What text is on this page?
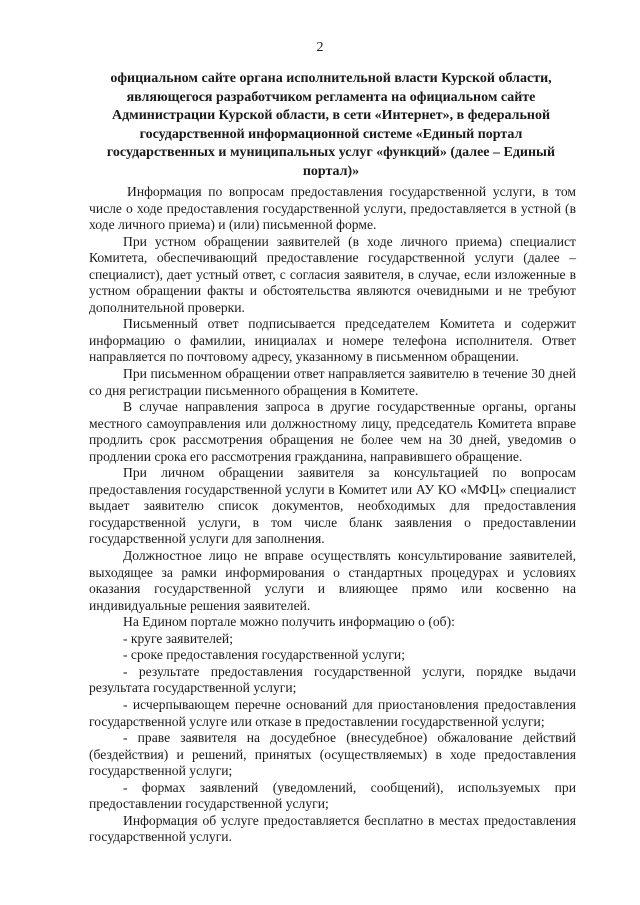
2
официальном сайте органа исполнительной власти Курской области, являющегося разработчиком регламента на официальном сайте Администрации Курской области, в сети «Интернет», в федеральной государственной информационной системе «Единый портал государственных и муниципальных услуг «функций» (далее – Единый портал)»

Информация по вопросам предоставления государственной услуги, в том числе о ходе предоставления государственной услуги, предоставляется в устной (в ходе личного приема) и (или) письменной форме.

При устном обращении заявителей (в ходе личного приема) специалист Комитета, обеспечивающий предоставление государственной услуги (далее – специалист), дает устный ответ, с согласия заявителя, в случае, если изложенные в устном обращении факты и обстоятельства являются очевидными и не требуют дополнительной проверки.

Письменный ответ подписывается председателем Комитета и содержит информацию о фамилии, инициалах и номере телефона исполнителя. Ответ направляется по почтовому адресу, указанному в письменном обращении.

При письменном обращении ответ направляется заявителю в течение 30 дней со дня регистрации письменного обращения в Комитете.

В случае направления запроса в другие государственные органы, органы местного самоуправления или должностному лицу, председатель Комитета вправе продлить срок рассмотрения обращения не более чем на 30 дней, уведомив о продлении срока его рассмотрения гражданина, направившего обращение.

При личном обращении заявителя за консультацией по вопросам предоставления государственной услуги в Комитет или АУ КО «МФЦ» специалист выдает заявителю список документов, необходимых для предоставления государственной услуги, в том числе бланк заявления о предоставлении государственной услуги для заполнения.

Должностное лицо не вправе осуществлять консультирование заявителей, выходящее за рамки информирования о стандартных процедурах и условиях оказания государственной услуги и влияющее прямо или косвенно на индивидуальные решения заявителей.

На Едином портале можно получить информацию о (об):

- круге заявителей;

- сроке предоставления государственной услуги;

- результате предоставления государственной услуги, порядке выдачи результата государственной услуги;

- исчерпывающем перечне оснований для приостановления предоставления государственной услуге или отказе в предоставлении государственной услуги;

- праве заявителя на досудебное (внесудебное) обжалование действий (бездействия) и решений, принятых (осуществляемых) в ходе предоставления государственной услуги;

- формах заявлений (уведомлений, сообщений), используемых при предоставлении государственной услуги;

Информация об услуге предоставляется бесплатно в местах предоставления государственной услуги.
